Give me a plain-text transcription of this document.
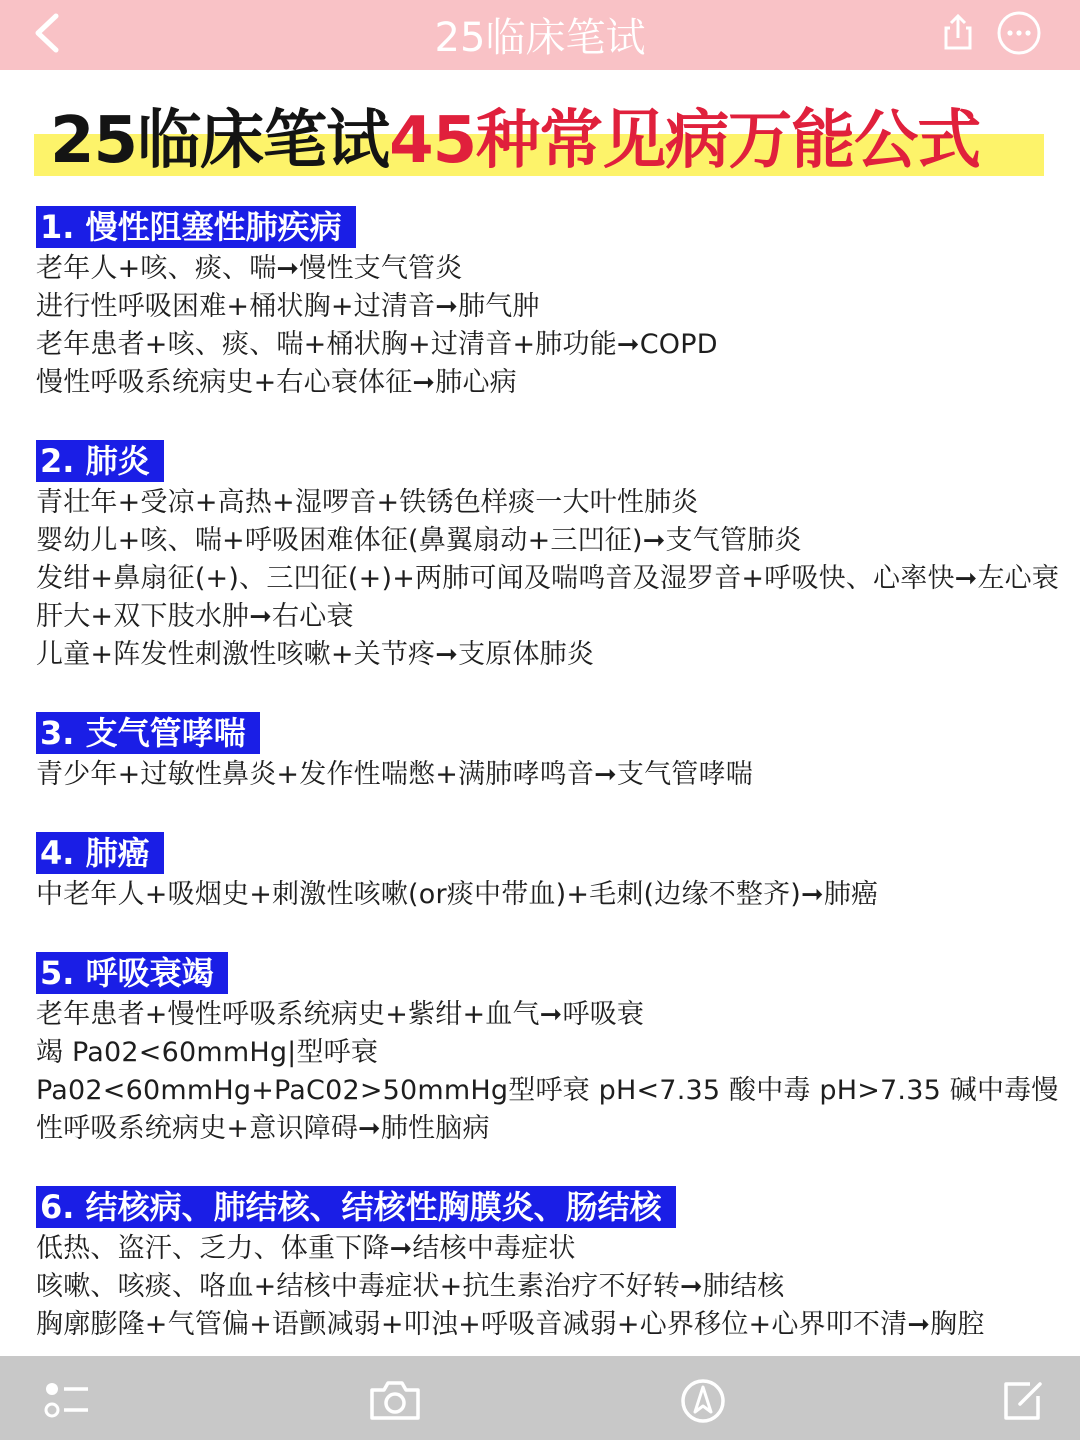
25临床笔试
25临床笔试45种常见病万能公式
1. 慢性阻塞性肺疾病
老年人+咳、痰、喘➞慢性支气管炎
进行性呼吸困难+桶状胸+过清音➞肺气肿
老年患者+咳、痰、喘+桶状胸+过清音+肺功能➞COPD
慢性呼吸系统病史+右心衰体征➞肺心病
2. 肺炎
青壮年+受凉+高热+湿啰音+铁锈色样痰一大叶性肺炎
婴幼儿+咳、喘+呼吸困难体征(鼻翼扇动+三凹征)➞支气管肺炎
发绀+鼻扇征(+)、三凹征(+)+两肺可闻及喘鸣音及湿罗音+呼吸快、心率快➞左心衰肝大+双下肢水肿➞右心衰
儿童+阵发性刺激性咳嗽+关节疼➞支原体肺炎
3. 支气管哮喘
青少年+过敏性鼻炎+发作性喘憋+满肺哮鸣音➞支气管哮喘
4. 肺癌
中老年人+吸烟史+刺激性咳嗽(or痰中带血)+毛刺(边缘不整齐)➞肺癌
5. 呼吸衰竭
老年患者+慢性呼吸系统病史+紫绀+血气➞呼吸衰
竭 Pa02<60mmHg|型呼衰
Pa02<60mmHg+PaC02>50mmHg型呼衰 pH<7.35 酸中毒 pH>7.35 碱中毒慢性呼吸系统病史+意识障碍➞肺性脑病
6. 结核病、肺结核、结核性胸膜炎、肠结核
低热、盗汗、乏力、体重下降➞结核中毒症状
咳嗽、咳痰、咯血+结核中毒症状+抗生素治疗不好转➞肺结核
胸廓膨隆+气管偏+语颤减弱+叩浊+呼吸音减弱+心界移位+心界叩不清➞胸腔
